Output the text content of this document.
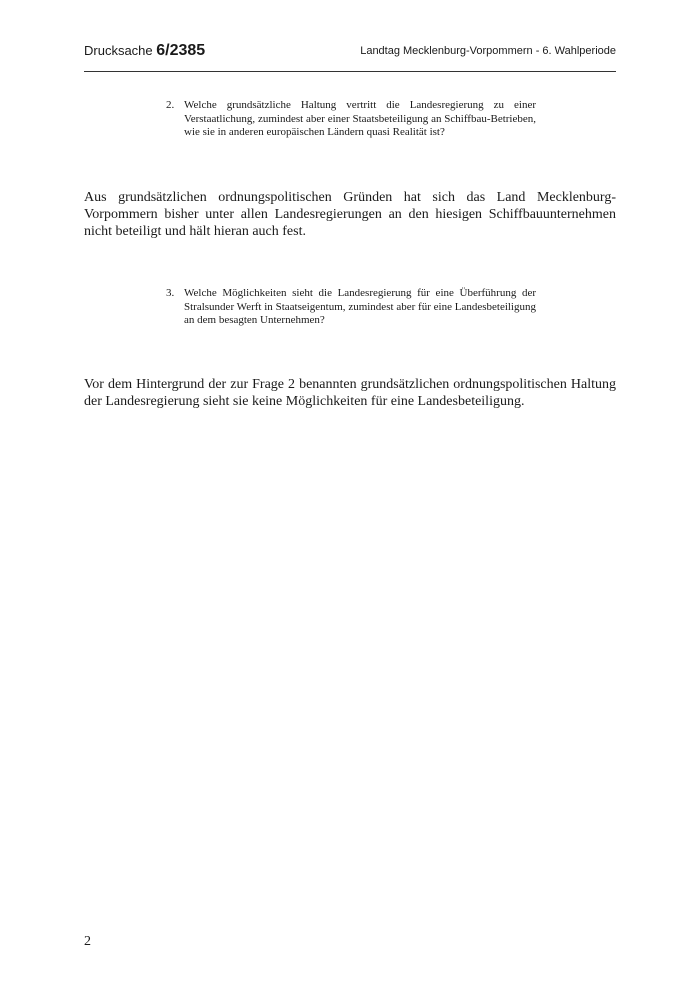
Drucksache 6/2385	Landtag Mecklenburg-Vorpommern - 6. Wahlperiode
2. Welche grundsätzliche Haltung vertritt die Landesregierung zu einer Verstaatlichung, zumindest aber einer Staatsbeteiligung an Schiffbau-Betrieben, wie sie in anderen europäischen Ländern quasi Realität ist?

Aus grundsätzlichen ordnungspolitischen Gründen hat sich das Land Mecklenburg-Vorpommern bisher unter allen Landesregierungen an den hiesigen Schiffbauunternehmen nicht beteiligt und hält hieran auch fest.

3. Welche Möglichkeiten sieht die Landesregierung für eine Überführung der Stralsunder Werft in Staatseigentum, zumindest aber für eine Landesbeteiligung an dem besagten Unternehmen?

Vor dem Hintergrund der zur Frage 2 benannten grundsätzlichen ordnungspolitischen Haltung der Landesregierung sieht sie keine Möglichkeiten für eine Landesbeteiligung.

2
